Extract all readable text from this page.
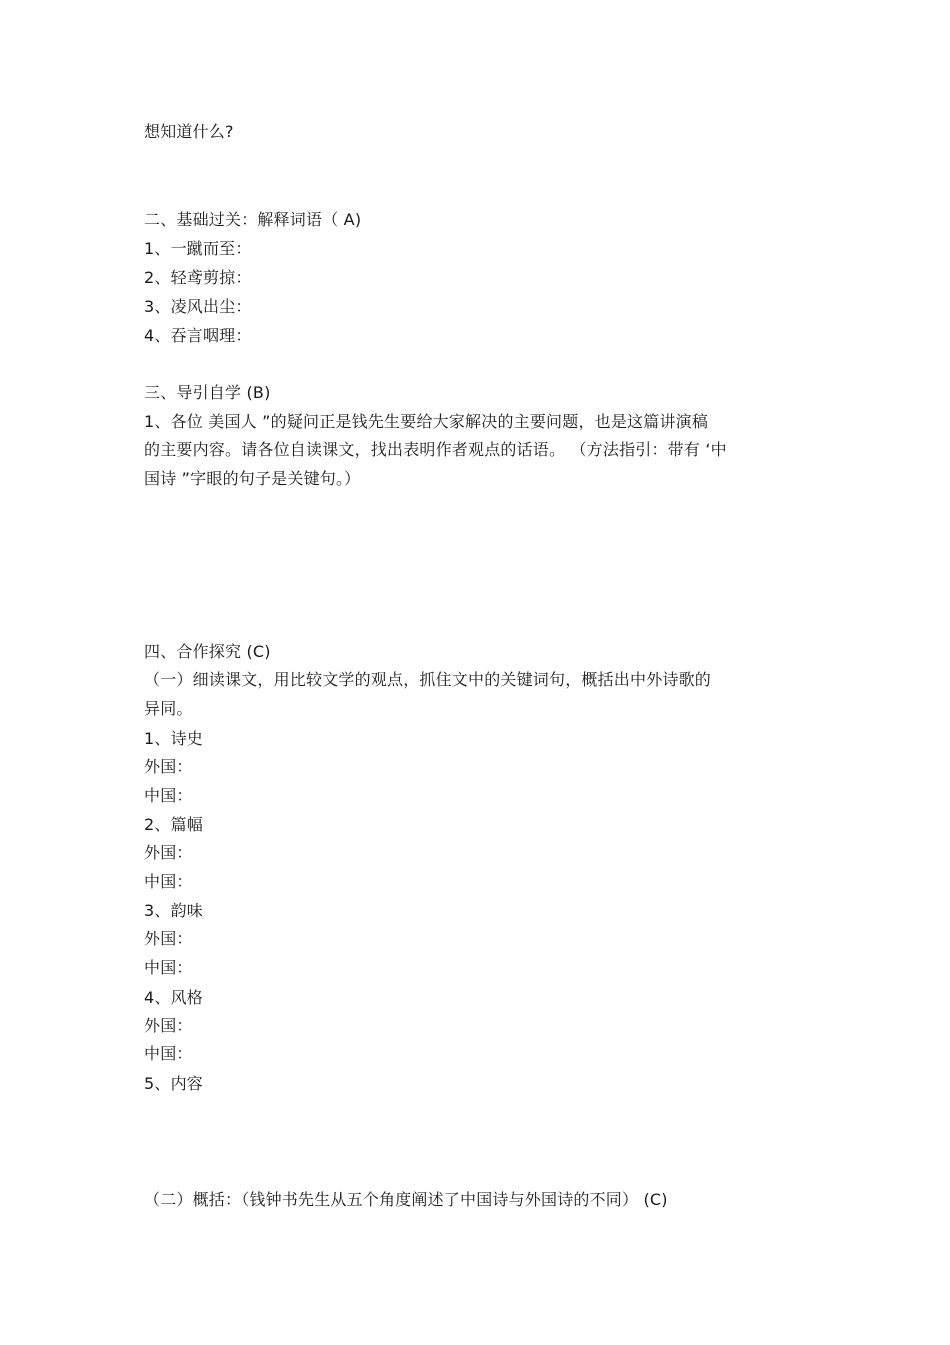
想知道什么?
二、基础过关：解释词语（ A)
1、一蹴而至：
2、轻鸢剪掠：
3、凌风出尘：
4、吞言咽理：
三、导引自学 (B)
1、各位 美国人 ”的疑问正是钱先生要给大家解决的主要问题，也是这篇讲演稿
的主要内容。请各位自读课文，找出表明作者观点的话语。 （方法指引：带有 ‘中
国诗 ”字眼的句子是关键句。）
四、合作探究 (C)
（一）细读课文，用比较文学的观点，抓住文中的关键词句，概括出中外诗歌的
异同。
1、诗史
外国：
中国：
2、篇幅
外国：
中国：
3、韵味
外国：
中国：
4、风格
外国：
中国：
5、内容
（二）概括：（钱钟书先生从五个角度阐述了中国诗与外国诗的不同） (C)
